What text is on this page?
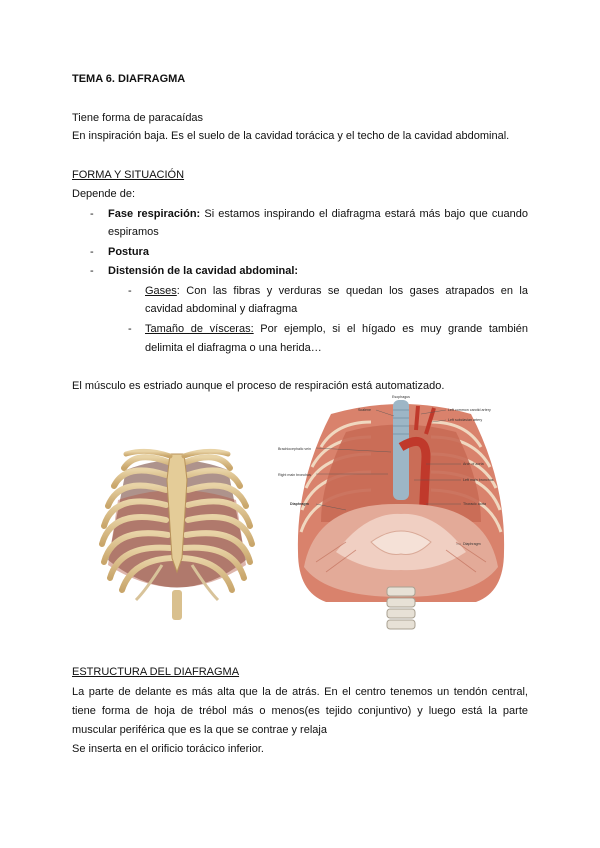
TEMA 6. DIAFRAGMA
Tiene forma de paracaídas
En inspiración baja. Es el suelo de la cavidad torácica y el techo de la cavidad abdominal.
FORMA Y SITUACIÓN
Depende de:
- Fase respiración: Si estamos inspirando el diafragma estará más bajo que cuando
espiramos
- Postura
- Distensión de la cavidad abdominal:
- Gases: Con las fibras y verduras se quedan los gases atrapados en la
cavidad abdominal y diafragma
- Tamaño de vísceras: Por ejemplo, si el hígado es muy grande también
delimita el diafragma o una herida…
El músculo es estriado aunque el proceso de respiración está automatizado.
Esophagus
Scalene	Left common carotid artery
Left subclavian artery
Brachiocephalic vein
Arch of aorta
Right main bronchus
Left main bronchus
Thoracic aorta
Diaphragm
Diaphragm
ESTRUCTURA DEL DIAFRAGMA
La parte de delante es más alta que la de atrás. En el centro tenemos un tendón central,
tiene forma de hoja de trébol más o menos(es tejido conjuntivo) y luego está la parte
muscular periférica que es la que se contrae y relaja
Se inserta en el orificio torácico inferior.
